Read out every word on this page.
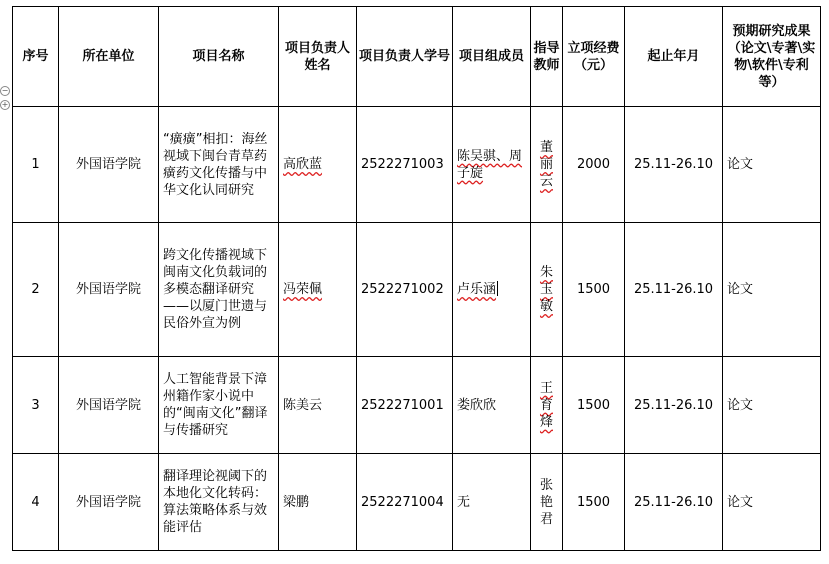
−
+
序号	所在单位	项目名称	项目负责人姓名	项目负责人学号	项目组成员	指导教师	立项经费（元）	起止年月	预期研究成果（论文\专著\实物\软件\专利等）
1	外国语学院	“癀癀”相扣：海丝视域下闽台青草药癀药文化传播与中华文化认同研究	高欣蓝	2522271003	陈吴骐、周子旋	董丽云	2000	25.11-26.10	论文
2	外国语学院	跨文化传播视域下闽南文化负载词的多模态翻译研究——以厦门世遗与民俗外宣为例	冯荣佩	2522271002	卢乐涵	朱玉敏	1500	25.11-26.10	论文
3	外国语学院	人工智能背景下漳州籍作家小说中的“闽南文化”翻译与传播研究	陈美云	2522271001	娄欣欣	王育烽	1500	25.11-26.10	论文
4	外国语学院	翻译理论视阈下的本地化文化转码：算法策略体系与效能评估	梁鹏	2522271004	无	张艳君	1500	25.11-26.10	论文
